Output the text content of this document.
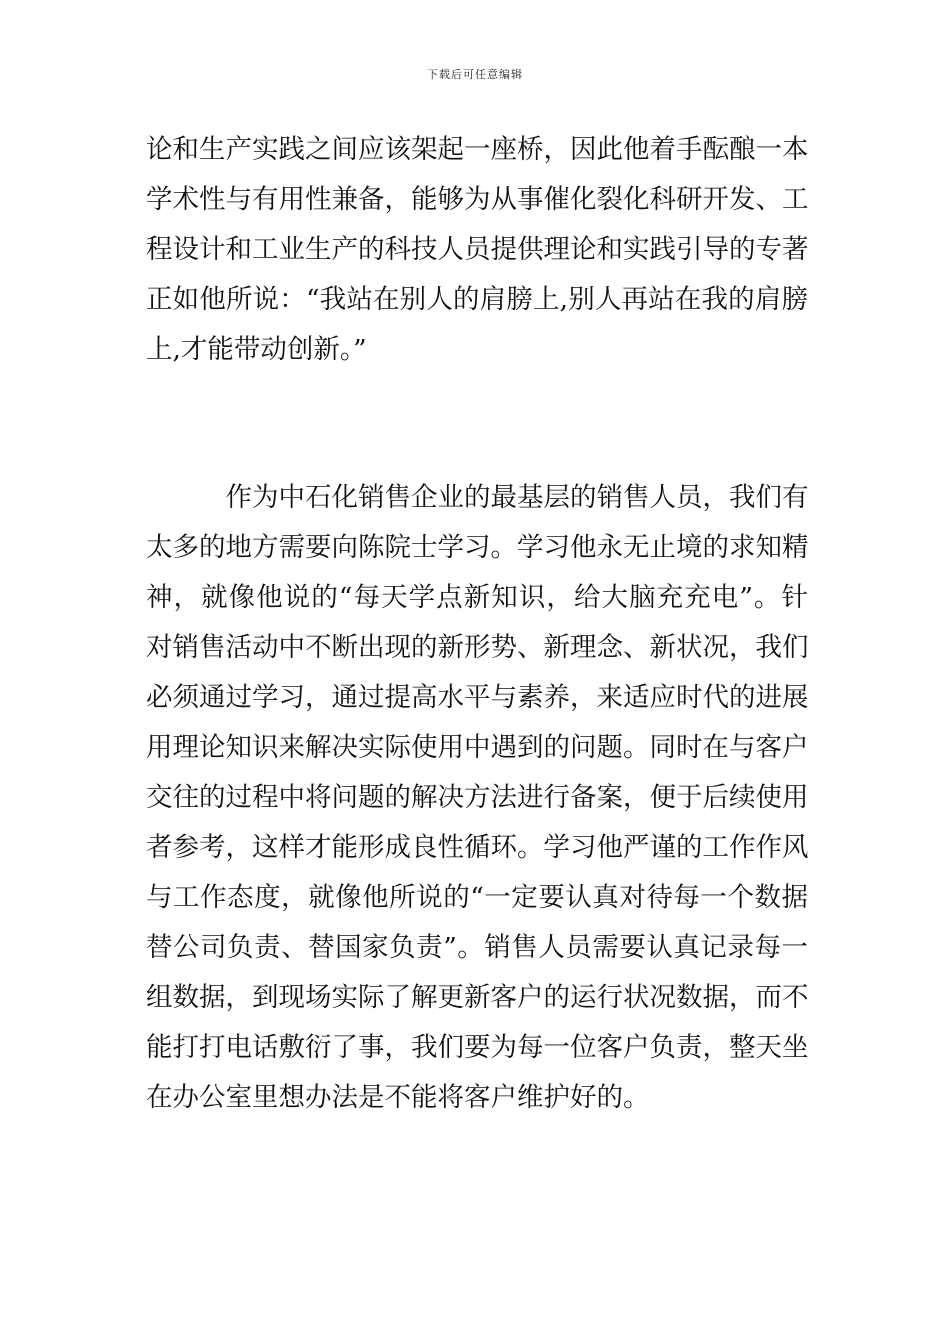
下载后可任意编辑
论和生产实践之间应该架起一座桥，因此他着手酝酿一本
学术性与有用性兼备，能够为从事催化裂化科研开发、工
程设计和工业生产的科技人员提供理论和实践引导的专著
正如他所说：“我站在别人的肩膀上,别人再站在我的肩膀
上,才能带动创新。”
　　　作为中石化销售企业的最基层的销售人员，我们有
太多的地方需要向陈院士学习。学习他永无止境的求知精
神，就像他说的“每天学点新知识，给大脑充充电”。针
对销售活动中不断出现的新形势、新理念、新状况，我们
必须通过学习，通过提高水平与素养，来适应时代的进展
用理论知识来解决实际使用中遇到的问题。同时在与客户
交往的过程中将问题的解决方法进行备案，便于后续使用
者参考，这样才能形成良性循环。学习他严谨的工作作风
与工作态度，就像他所说的“一定要认真对待每一个数据
替公司负责、替国家负责”。销售人员需要认真记录每一
组数据，到现场实际了解更新客户的运行状况数据，而不
能打打电话敷衍了事，我们要为每一位客户负责，整天坐
在办公室里想办法是不能将客户维护好的。
